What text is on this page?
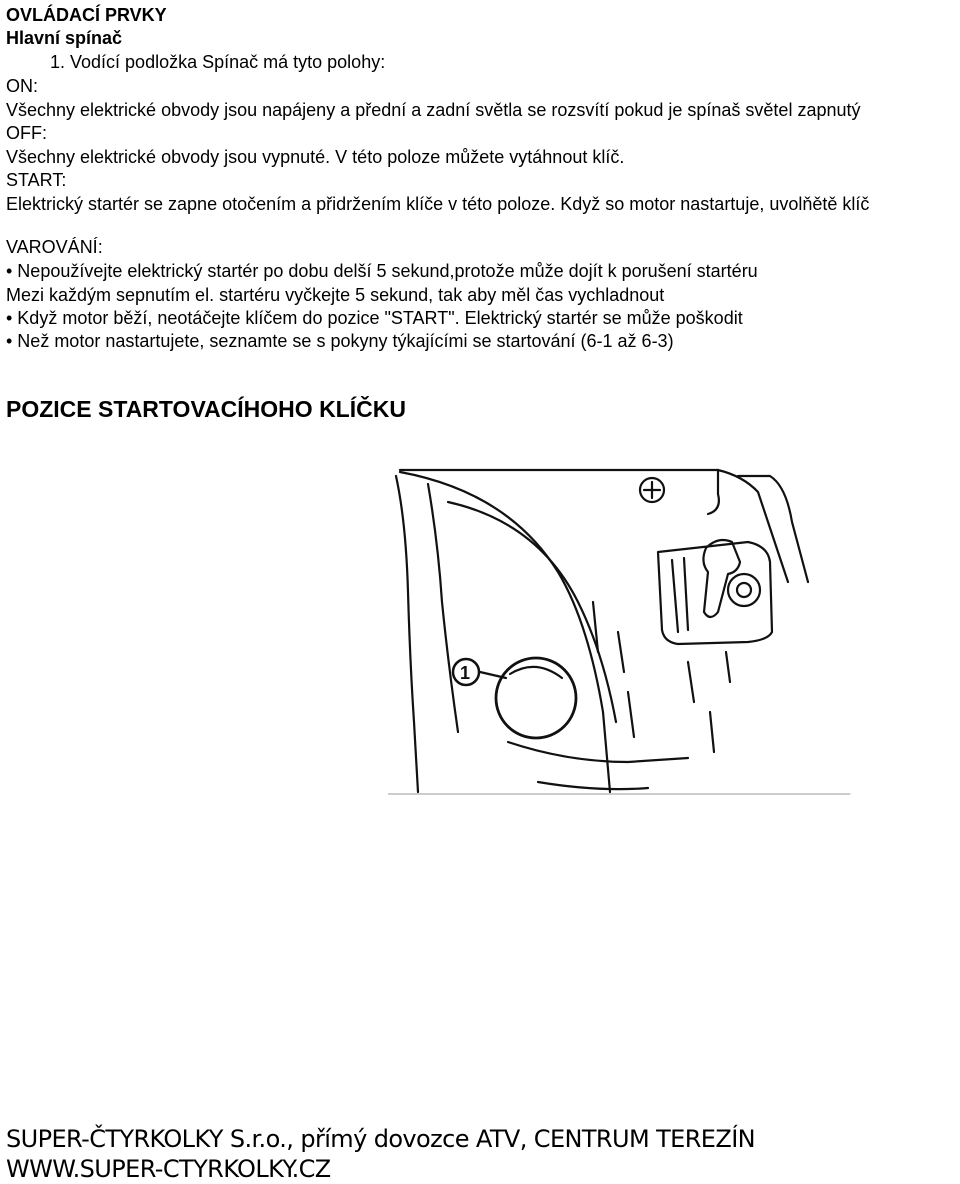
OVLÁDACÍ PRVKY
Hlavní spínač
1. Vodící podložka Spínač má tyto polohy:
ON:
Všechny elektrické obvody jsou napájeny a přední a zadní světla se rozsvítí pokud je spínaš světel zapnutý
OFF:
Všechny elektrické obvody jsou vypnuté. V této poloze můžete vytáhnout klíč.
START:
Elektrický startér se zapne otočením a přidržením klíče v této poloze. Když so motor nastartuje, uvolňětě klíč
VAROVÁNÍ:
• Nepoužívejte elektrický startér po dobu delší 5 sekund,protože může dojít k porušení startéru
Mezi každým sepnutím el. startéru vyčkejte 5 sekund, tak aby měl čas vychladnout
• Když motor běží, neotáčejte klíčem do pozice "START". Elektrický startér se může poškodit
• Než motor nastartujete, seznamte se s pokyny týkajícími se startování (6-1 až 6-3)
POZICE STARTOVACÍHOHO KLÍČKU
1
SUPER-ČTYRKOLKY S.r.o., přímý dovozce ATV, CENTRUM TEREZÍN
WWW.SUPER-CTYRKOLKY.CZ
